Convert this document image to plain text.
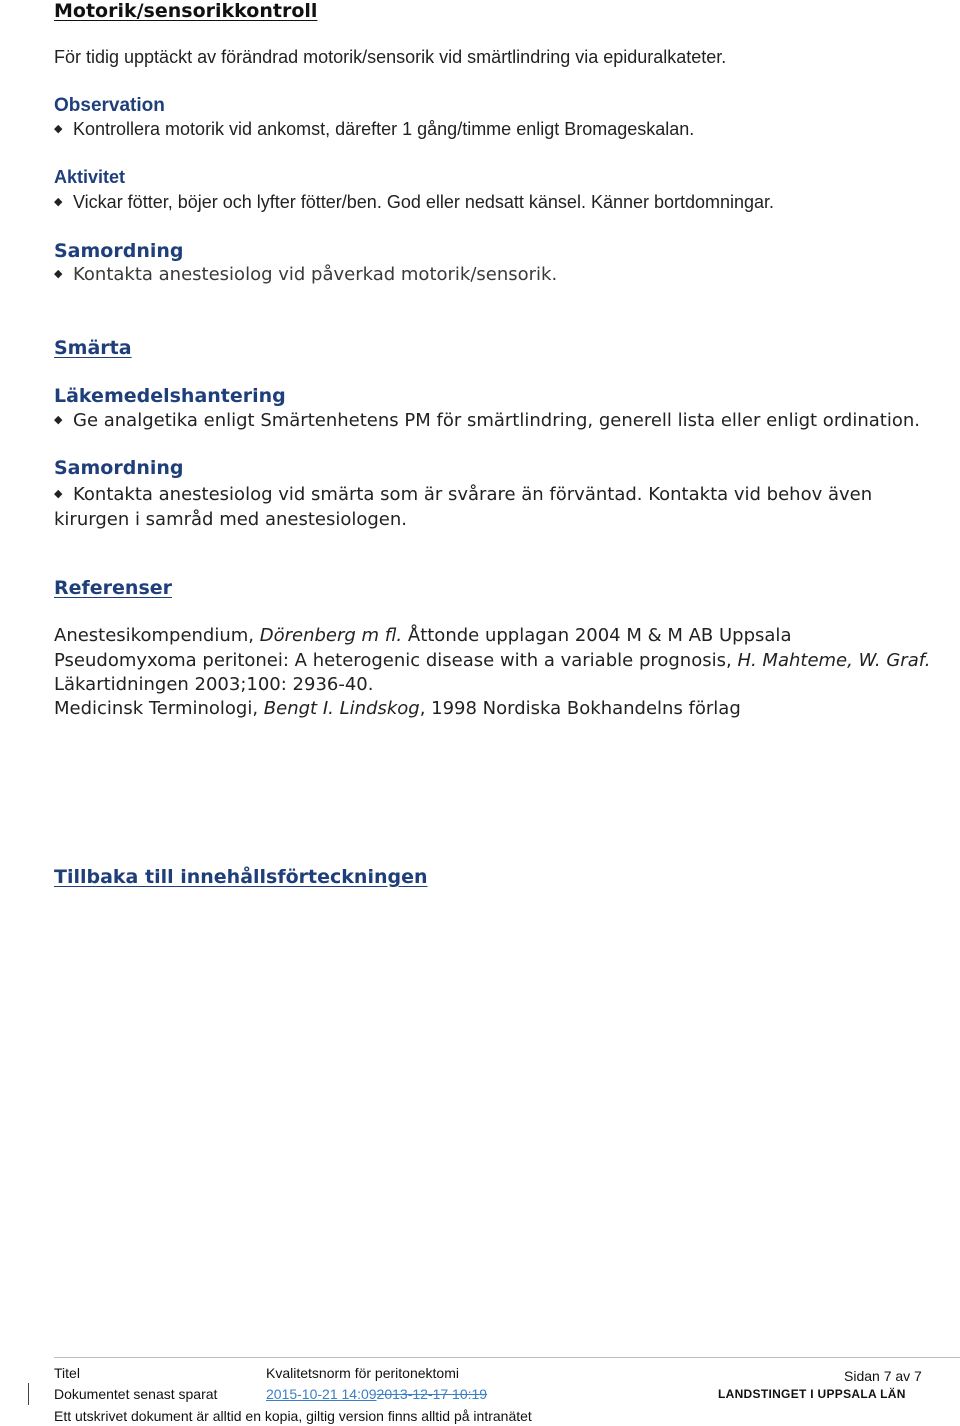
Motorik/sensorikkontroll
För tidig upptäckt av förändrad motorik/sensorik vid smärtlindring via epiduralkateter.
Observation
◆ Kontrollera motorik vid ankomst, därefter 1 gång/timme enligt Bromageskalan.
Aktivitet
◆ Vickar fötter, böjer och lyfter fötter/ben. God eller nedsatt känsel. Känner bortdomningar.
Samordning
◆ Kontakta anestesiolog vid påverkad motorik/sensorik.
Smärta
Läkemedelshantering
◆ Ge analgetika enligt Smärtenhetens PM för smärtlindring, generell lista eller enligt ordination.
Samordning
◆ Kontakta anestesiolog vid smärta som är svårare än förväntad. Kontakta vid behov även kirurgen i samråd med anestesiologen.
Referenser
Anestesikompendium, Dörenberg m fl. Åttonde upplagan 2004 M & M AB Uppsala
Pseudomyxoma peritonei: A heterogenic disease with a variable prognosis, H. Mahteme, W. Graf.
Läkartidningen 2003;100: 2936-40.
Medicinsk Terminologi, Bengt I. Lindskog, 1998 Nordiska Bokhandelns förlag
Tillbaka till innehållsförteckningen
Titel	Kvalitetsnorm för peritonektomi	Sidan 7 av 7
Dokumentet senast sparat	2015-10-21 14:092013-12-17 10:19	LANDSTINGET I UPPSALA LÄN
Ett utskrivet dokument är alltid en kopia, giltig version finns alltid på intranätet
